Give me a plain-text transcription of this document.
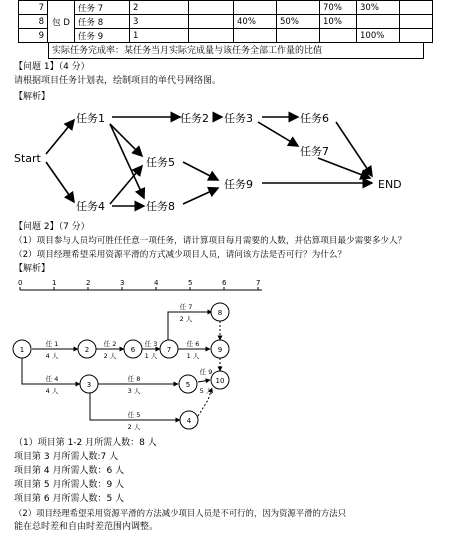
7	包 D	任务 7	2				70%	30%	
8		任务 8	3		40%	50%	10%		
9		任务 9	1					100%	
实际任务完成率：某任务当月实际完成量与该任务全部工作量的比值
【问题 1】（4 分）
请根据项目任务计划表，绘制项目的单代号网络图。
【解析】
Start
任务1	任务2 任务3
任务4
任务5
任务6
任务7
任务8
任务9	END
【问题 2】（7 分）
（1）项目参与人员均可胜任任意一项任务，请计算项目每月需要的人数，并估算项目最少需要多少人？
（2）项目经理希望采用资源平滑的方式减少项目人员，请问该方法是否可行？为什么？
【解析】
0	1	2	3	4	5	6	7
1	2	6	7
8
9
10
3	5
4
任 1
4 人
任 2
2 人
任 3
1 人
任 7
2 人
任 6
1 人
任 4
4 人
任 8
3 人
任 9
5 人
任 5
2 人
（1）项目第 1-2 月所需人数：8 人
项目第 3 月所需人数:7 人
项目第 4 月所需人数：6 人
项目第 5 月所需人数：9 人
项目第 6 月所需人数：5 人
（2）项目经理希望采用资源平滑的方法减少项目人员是不可行的，因为资源平滑的方法只
能在总时差和自由时差范围内调整。
